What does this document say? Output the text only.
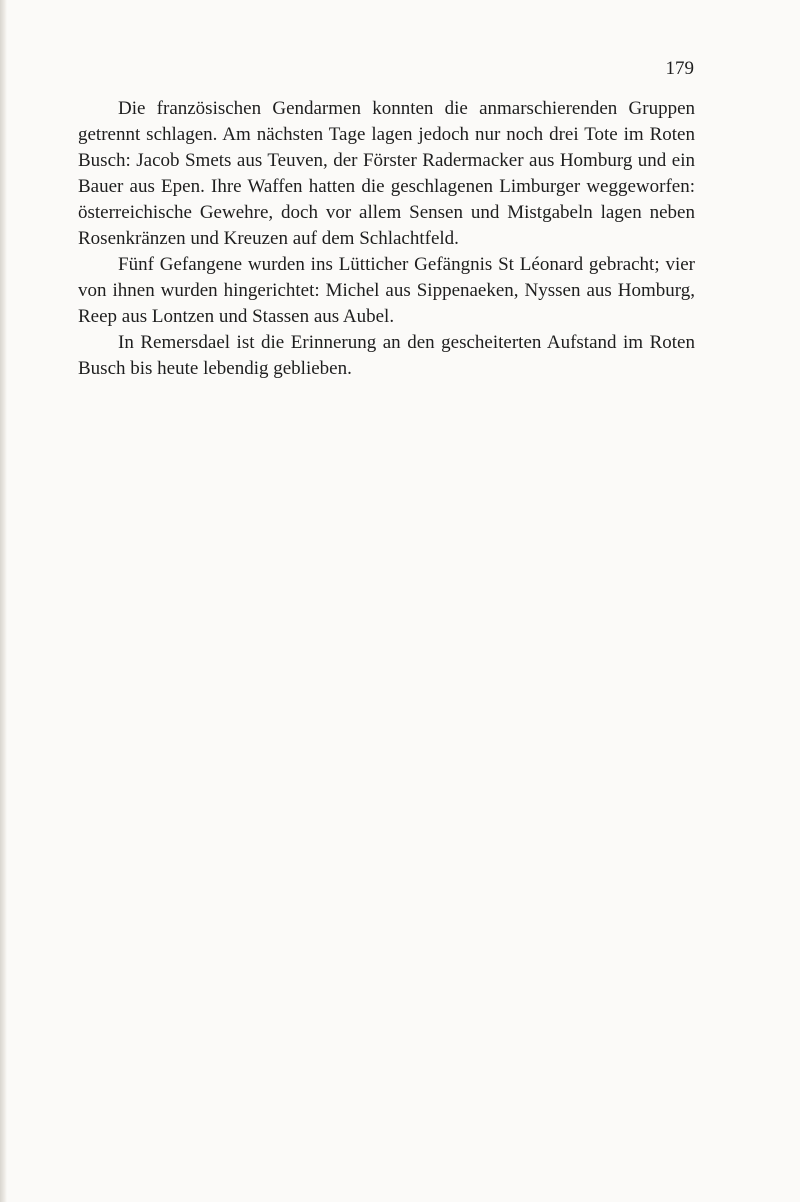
179

Die französischen Gendarmen konnten die anmarschierenden Gruppen getrennt schlagen. Am nächsten Tage lagen jedoch nur noch drei Tote im Roten Busch: Jacob Smets aus Teuven, der Förster Radermacker aus Homburg und ein Bauer aus Epen. Ihre Waffen hatten die geschlagenen Limburger weggeworfen: österreichische Gewehre, doch vor allem Sensen und Mistgabeln lagen neben Rosenkränzen und Kreuzen auf dem Schlachtfeld.

Fünf Gefangene wurden ins Lütticher Gefängnis St Léonard gebracht; vier von ihnen wurden hingerichtet: Michel aus Sippenaeken, Nyssen aus Homburg, Reep aus Lontzen und Stassen aus Aubel.

In Remersdael ist die Erinnerung an den gescheiterten Aufstand im Roten Busch bis heute lebendig geblieben.
